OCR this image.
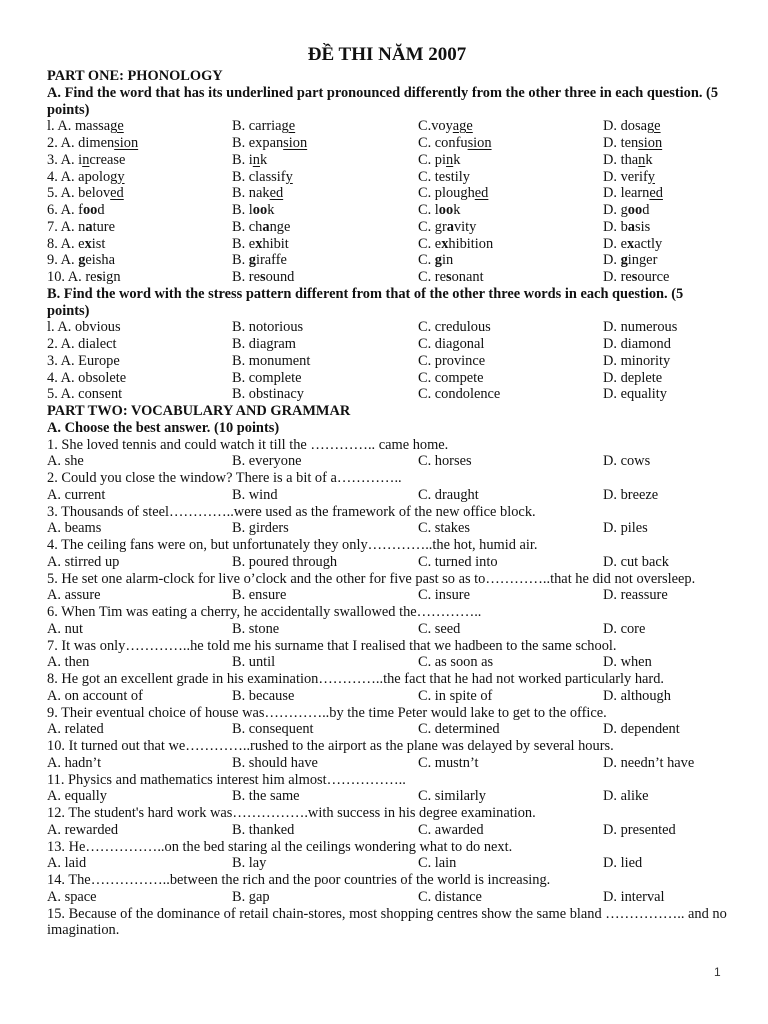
ĐỀ THI NĂM 2007
PART ONE: PHONOLOGY
A. Find the word that has its underlined part pronounced differently from the other three in each question. (5 points)
l. A. massage	B. carriage	C.voyage	D. dosage
2. A. dimension	B. expansion	C. confusion	D. tension
3. A. increase	B. ink	C. pink	D. thank
4. A. apology	B. classify	C. testily	D. verify
5. A. beloved	B. naked	C. ploughed	D. learned
6. A. food	B. look	C. look	D. good
7. A. nature	B. change	C. gravity	D. basis
8. A. exist	B. exhibit	C. exhibition	D. exactly
9. A. geisha	B. giraffe	C. gin	D. ginger
10. A. resign	B. resound	C. resonant	D. resource
B. Find the word with the stress pattern different from that of the other three words in each question. (5 points)
l. A. obvious	B. notorious	C. credulous	D. numerous
2. A. dialect	B. diagram	C. diagonal	D. diamond
3. A. Europe	B. monument	C. province	D. minority
4. A. obsolete	B. complete	C. compete	D. deplete
5. A. consent	B. obstinacy	C. condolence	D. equality
PART TWO: VOCABULARY AND GRAMMAR
A. Choose the best answer. (10 points)
1. She loved tennis and could watch it till the ………….. came home.
A. she	B. everyone	C. horses	D. cows
2. Could you close the window? There is a bit of a…………..
A. current	B. wind	C. draught	D. breeze
3. Thousands of steel…………..were used as the framework of the new office block.
A. beams	B. girders	C. stakes	D. piles
4. The ceiling fans were on, but unfortunately they only…………..the hot, humid air.
A. stirred up	B. poured through	C. turned into	D. cut back
5. He set one alarm-clock for live o’clock and the other for five past so as to…………..that he did not oversleep.
A. assure	B. ensure	C. insure	D. reassure
6. When Tim was eating a cherry, he accidentally swallowed the…………..
A. nut	B. stone	C. seed	D. core
7. It was only…………..he told me his surname that I realised that we hadbeen to the same school.
A. then	B. until	C. as soon as	D. when
8. He got an excellent grade in his examination…………..the fact that he had not worked particularly hard.
A. on account of	B. because	C. in spite of	D. although
9. Their eventual choice of house was…………..by the time Peter would lake to get to the office.
A. related	B. consequent	C. determined	D. dependent
10. It turned out that we…………..rushed to the airport as the plane was delayed by several hours.
A. hadn’t	B. should have	C. mustn’t	D. needn’t have
11. Physics and mathematics interest him almost……………..
A. equally	B. the same	C. similarly	D. alike
12. The student's hard work was…………….with success in his degree examination.
A. rewarded	B. thanked	C. awarded	D. presented
13. He……………..on the bed staring al the ceilings wondering what to do next.
A. laid	B. lay	C. lain	D. lied
14. The……………..between the rich and the poor countries of the world is increasing.
A. space	B. gap	C. distance	D. interval
15. Because of the dominance of retail chain-stores, most shopping centres show the same bland …………….. and no imagination.
1
